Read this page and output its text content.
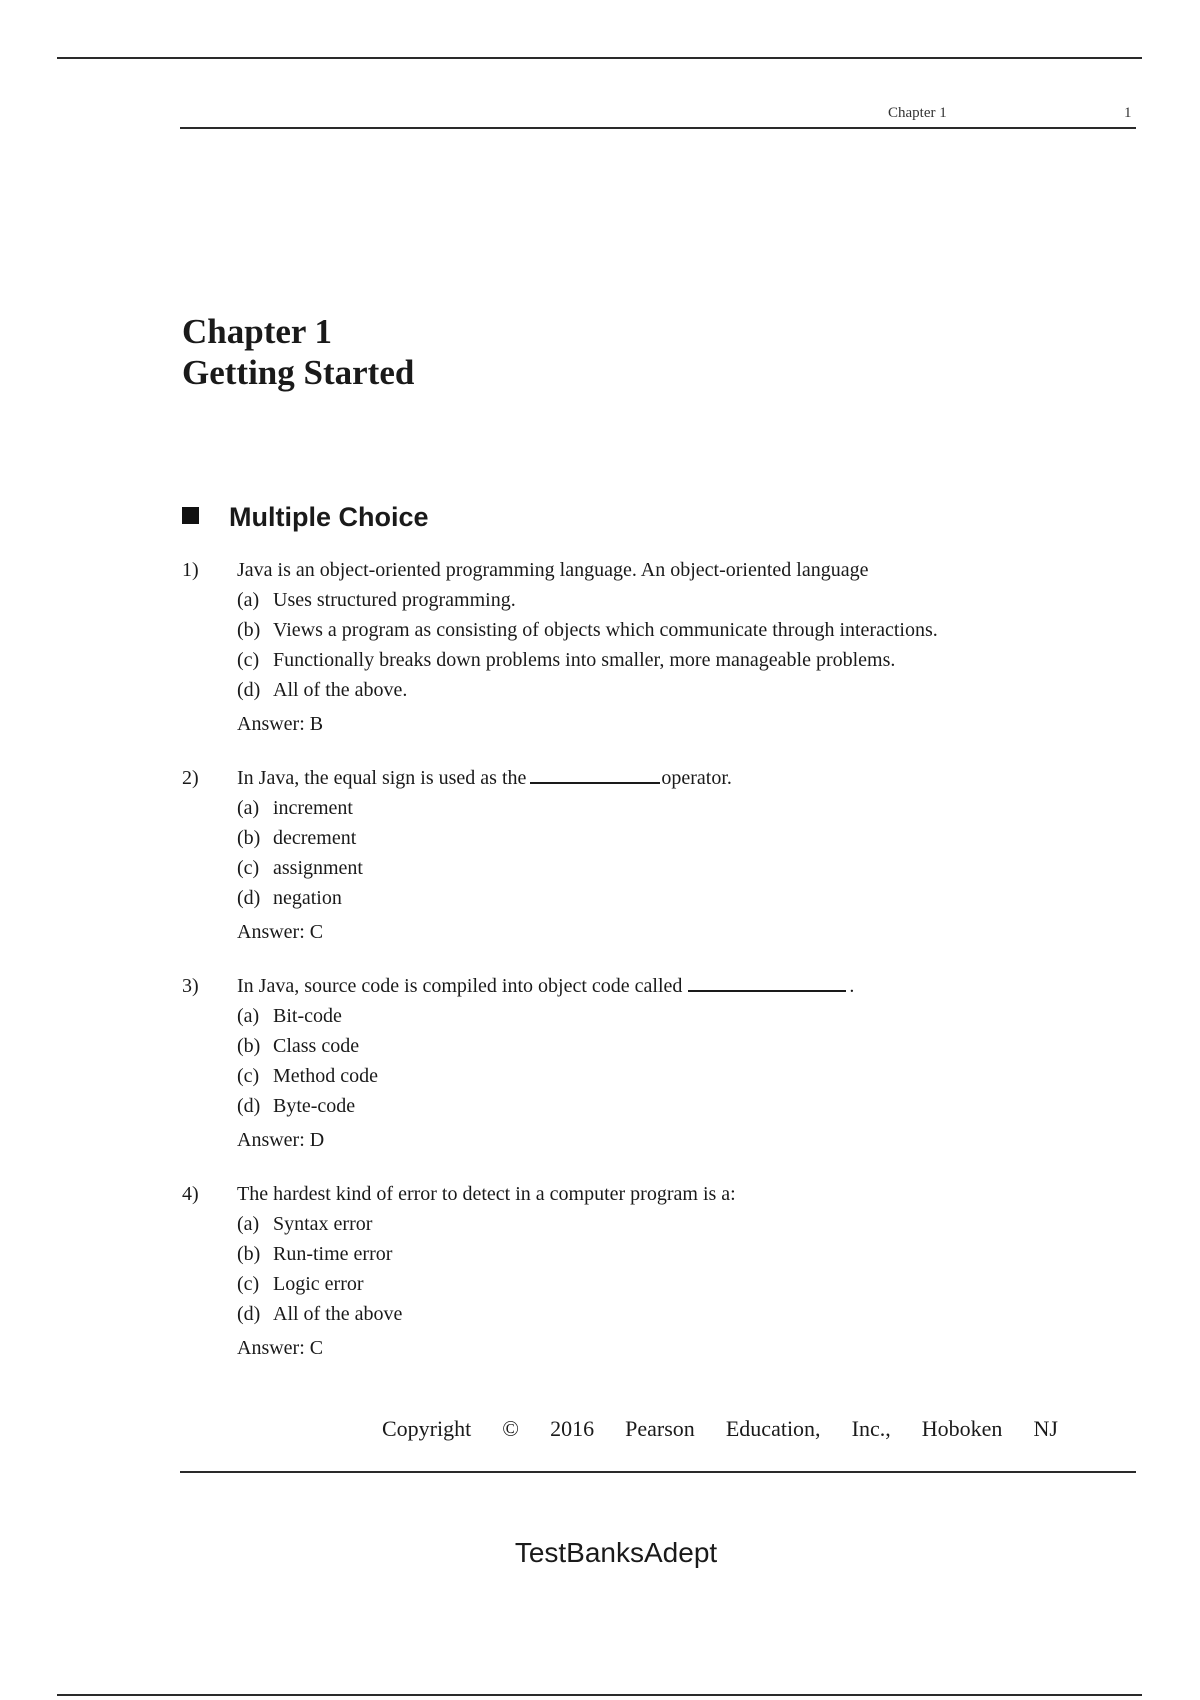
Chapter 1	1
Chapter 1
Getting Started
Multiple Choice
1) Java is an object-oriented programming language. An object-oriented language
(a) Uses structured programming.
(b) Views a program as consisting of objects which communicate through interactions.
(c) Functionally breaks down problems into smaller, more manageable problems.
(d) All of the above.
Answer: B
2) In Java, the equal sign is used as the	operator.
(a) increment
(b) decrement
(c) assignment
(d) negation
Answer: C
3) In Java, source code is compiled into object code called	.
(a) Bit-code
(b) Class code
(c) Method code
(d) Byte-code
Answer: D
4) The hardest kind of error to detect in a computer program is a:
(a) Syntax error
(b) Run-time error
(c) Logic error
(d) All of the above
Answer: C
Copyright © 2016 Pearson Education, Inc., Hoboken NJ
TestBanksAdept
